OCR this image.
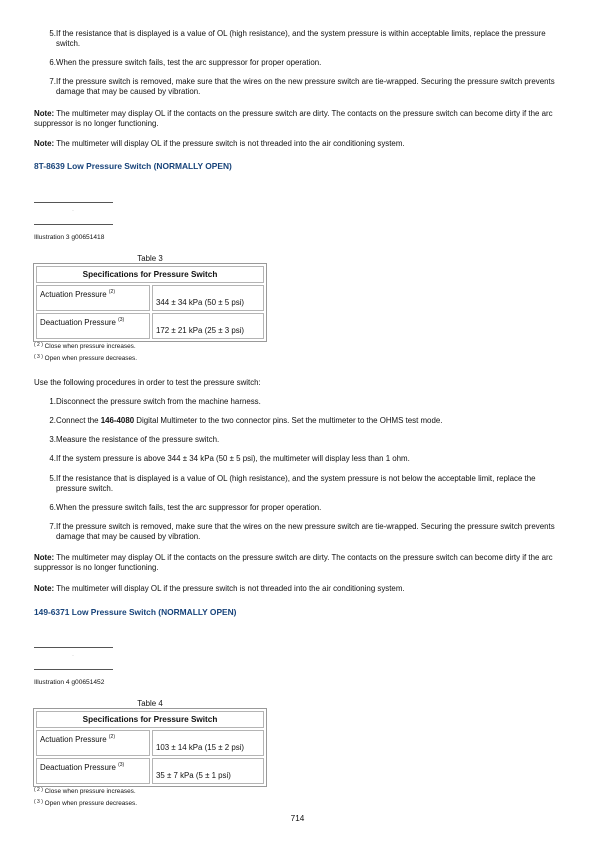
5. If the resistance that is displayed is a value of OL (high resistance), and the system pressure is within acceptable limits, replace the pressure switch.
6. When the pressure switch fails, test the arc suppressor for proper operation.
7. If the pressure switch is removed, make sure that the wires on the new pressure switch are tie-wrapped. Securing the pressure switch prevents damage that may be caused by vibration.
Note: The multimeter may display OL if the contacts on the pressure switch are dirty. The contacts on the pressure switch can become dirty if the arc suppressor is no longer functioning.
Note: The multimeter will display OL if the pressure switch is not threaded into the air conditioning system.
8T-8639 Low Pressure Switch (NORMALLY OPEN)
·
Illustration 3 g00651418
Table 3
Specifications for Pressure Switch	
Actuation Pressure $^{(2)}$	344 ± 34 kPa (50 ± 5 psi)
Deactuation Pressure $^{(3)}$	172 ± 21 kPa (25 ± 3 psi)
$^{( 2 )}$ Close when pressure increases.
$^{( 3 )}$ Open when pressure decreases.
Use the following procedures in order to test the pressure switch:
1. Disconnect the pressure switch from the machine harness.
2. Connect the 146-4080 Digital Multimeter to the two connector pins. Set the multimeter to the OHMS test mode.
3. Measure the resistance of the pressure switch.
4. If the system pressure is above 344 ± 34 kPa (50 ± 5 psi), the multimeter will display less than 1 ohm.
5. If the resistance that is displayed is a value of OL (high resistance), and the system pressure is not below the acceptable limit, replace the pressure switch.
6. When the pressure switch fails, test the arc suppressor for proper operation.
7. If the pressure switch is removed, make sure that the wires on the new pressure switch are tie-wrapped. Securing the pressure switch prevents damage that may be caused by vibration.
Note: The multimeter may display OL if the contacts on the pressure switch are dirty. The contacts on the pressure switch can become dirty if the arc suppressor is no longer functioning.
Note: The multimeter will display OL if the pressure switch is not threaded into the air conditioning system.
149-6371 Low Pressure Switch (NORMALLY OPEN)
·
Illustration 4 g00651452
Table 4
Specifications for Pressure Switch	
Actuation Pressure $^{(2)}$	103 ± 14 kPa (15 ± 2 psi)
Deactuation Pressure $^{(3)}$	35 ± 7 kPa (5 ± 1 psi)
$^{( 2 )}$ Close when pressure increases.
$^{( 3 )}$ Open when pressure decreases.
714
